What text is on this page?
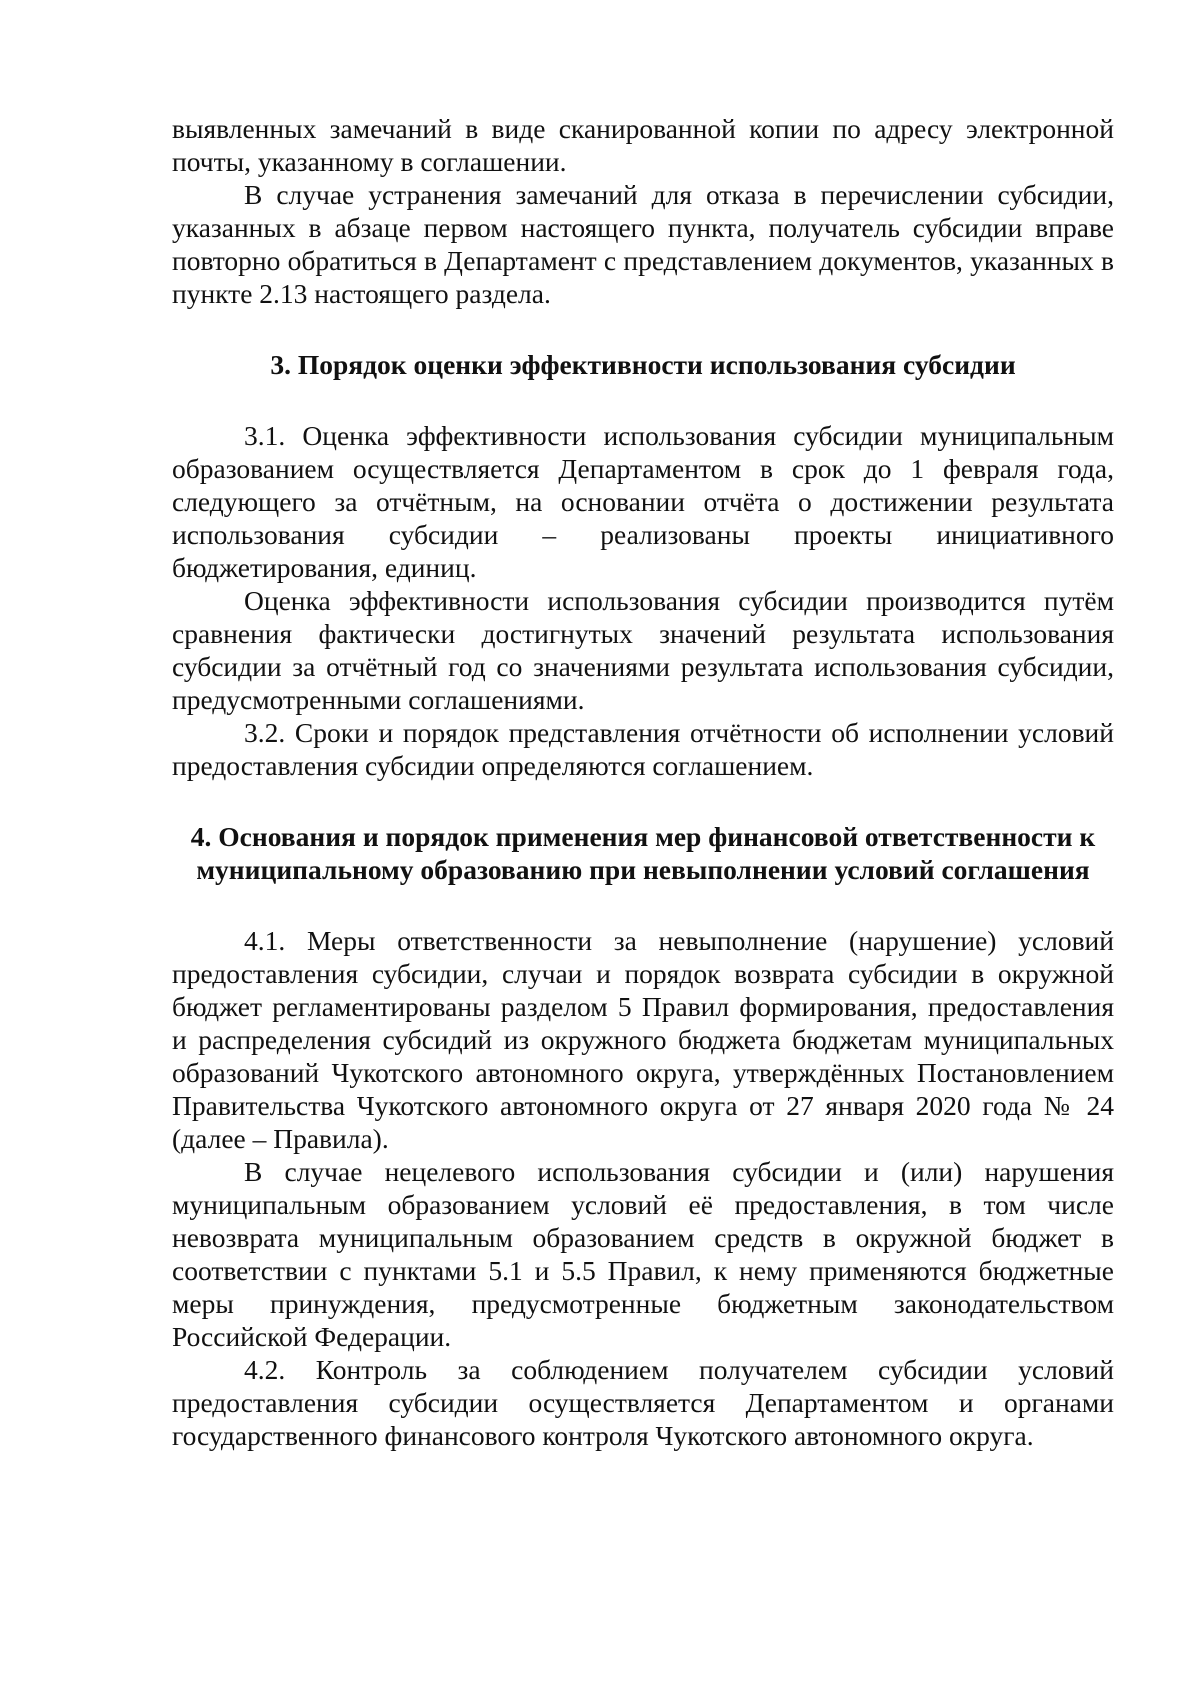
выявленных замечаний в виде сканированной копии по адресу электронной почты, указанному в соглашении.

В случае устранения замечаний для отказа в перечислении субсидии, указанных в абзаце первом настоящего пункта, получатель субсидии вправе повторно обратиться в Департамент с представлением документов, указанных в пункте 2.13 настоящего раздела.

3. Порядок оценки эффективности использования субсидии

3.1. Оценка эффективности использования субсидии муниципальным образованием осуществляется Департаментом в срок до 1 февраля года, следующего за отчётным, на основании отчёта о достижении результата использования субсидии – реализованы проекты инициативного бюджетирования, единиц.

Оценка эффективности использования субсидии производится путём сравнения фактически достигнутых значений результата использования субсидии за отчётный год со значениями результата использования субсидии, предусмотренными соглашениями.

3.2. Сроки и порядок представления отчётности об исполнении условий предоставления субсидии определяются соглашением.

4. Основания и порядок применения мер финансовой ответственности к

муниципальному образованию при невыполнении условий соглашения

4.1. Меры ответственности за невыполнение (нарушение) условий предоставления субсидии, случаи и порядок возврата субсидии в окружной бюджет регламентированы разделом 5 Правил формирования, предоставления и распределения субсидий из окружного бюджета бюджетам муниципальных образований Чукотского автономного округа, утверждённых Постановлением Правительства Чукотского автономного округа от 27 января 2020 года № 24 (далее – Правила).

В случае нецелевого использования субсидии и (или) нарушения муниципальным образованием условий её предоставления, в том числе невозврата муниципальным образованием средств в окружной бюджет в соответствии с пунктами 5.1 и 5.5 Правил, к нему применяются бюджетные меры принуждения, предусмотренные бюджетным законодательством Российской Федерации.

4.2. Контроль за соблюдением получателем субсидии условий предоставления субсидии осуществляется Департаментом и органами государственного финансового контроля Чукотского автономного округа.
